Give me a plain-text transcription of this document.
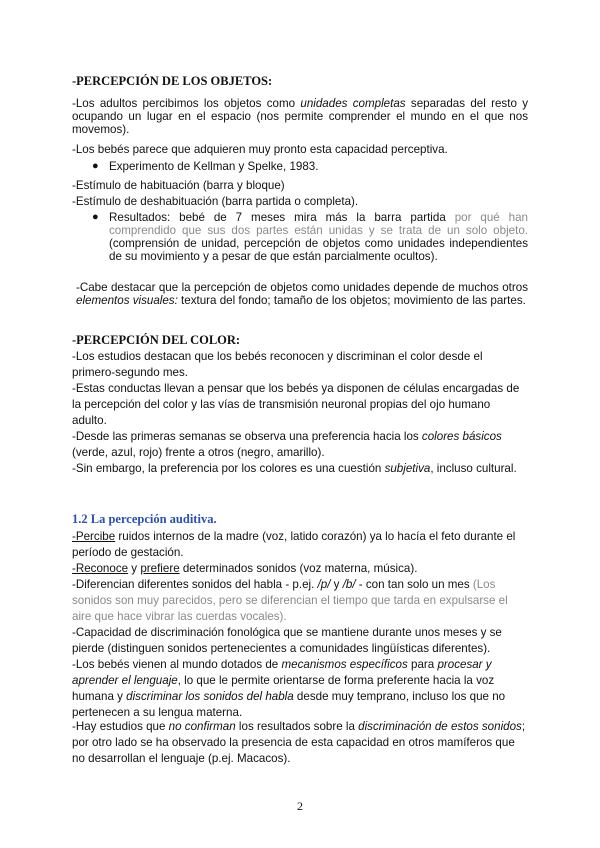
-PERCEPCIÓN DE LOS OBJETOS:

-Los adultos percibimos los objetos como unidades completas separadas del resto y ocupando un lugar en el espacio (nos permite comprender el mundo en el que nos movemos).

-Los bebés parece que adquieren muy pronto esta capacidad perceptiva.

● Experimento de Kellman y Spelke, 1983.

-Estímulo de habituación (barra y bloque)

-Estímulo de deshabituación (barra partida o completa).

● Resultados: bebé de 7 meses mira más la barra partida por qué han comprendido que sus dos partes están unidas y se trata de un solo objeto. (comprensión de unidad, percepción de objetos como unidades independientes de su movimiento y a pesar de que están parcialmente ocultos).

-Cabe destacar que la percepción de objetos como unidades depende de muchos otros elementos visuales: textura del fondo; tamaño de los objetos; movimiento de las partes.

-PERCEPCIÓN DEL COLOR:

-Los estudios destacan que los bebés reconocen y discriminan el color desde el primero-segundo mes.

-Estas conductas llevan a pensar que los bebés ya disponen de células encargadas de la percepción del color y las vías de transmisión neuronal propias del ojo humano adulto.

-Desde las primeras semanas se observa una preferencia hacia los colores básicos (verde, azul, rojo) frente a otros (negro, amarillo).

-Sin embargo, la preferencia por los colores es una cuestión subjetiva, incluso cultural.

1.2 La percepción auditiva.

-Percibe ruidos internos de la madre (voz, latido corazón) ya lo hacía el feto durante el período de gestación.

-Reconoce y prefiere determinados sonidos (voz materna, música).

-Diferencian diferentes sonidos del habla - p.ej. /p/ y /b/ - con tan solo un mes (Los sonidos son muy parecidos, pero se diferencian el tiempo que tarda en expulsarse el aire que hace vibrar las cuerdas vocales).

-Capacidad de discriminación fonológica que se mantiene durante unos meses y se pierde (distinguen sonidos pertenecientes a comunidades lingüísticas diferentes).

-Los bebés vienen al mundo dotados de mecanismos específicos para procesar y aprender el lenguaje, lo que le permite orientarse de forma preferente hacia la voz humana y discriminar los sonidos del habla desde muy temprano, incluso los que no pertenecen a su lengua materna.

-Hay estudios que no confirman los resultados sobre la discriminación de estos sonidos; por otro lado se ha observado la presencia de esta capacidad en otros mamíferos que no desarrollan el lenguaje (p.ej. Macacos).

2
